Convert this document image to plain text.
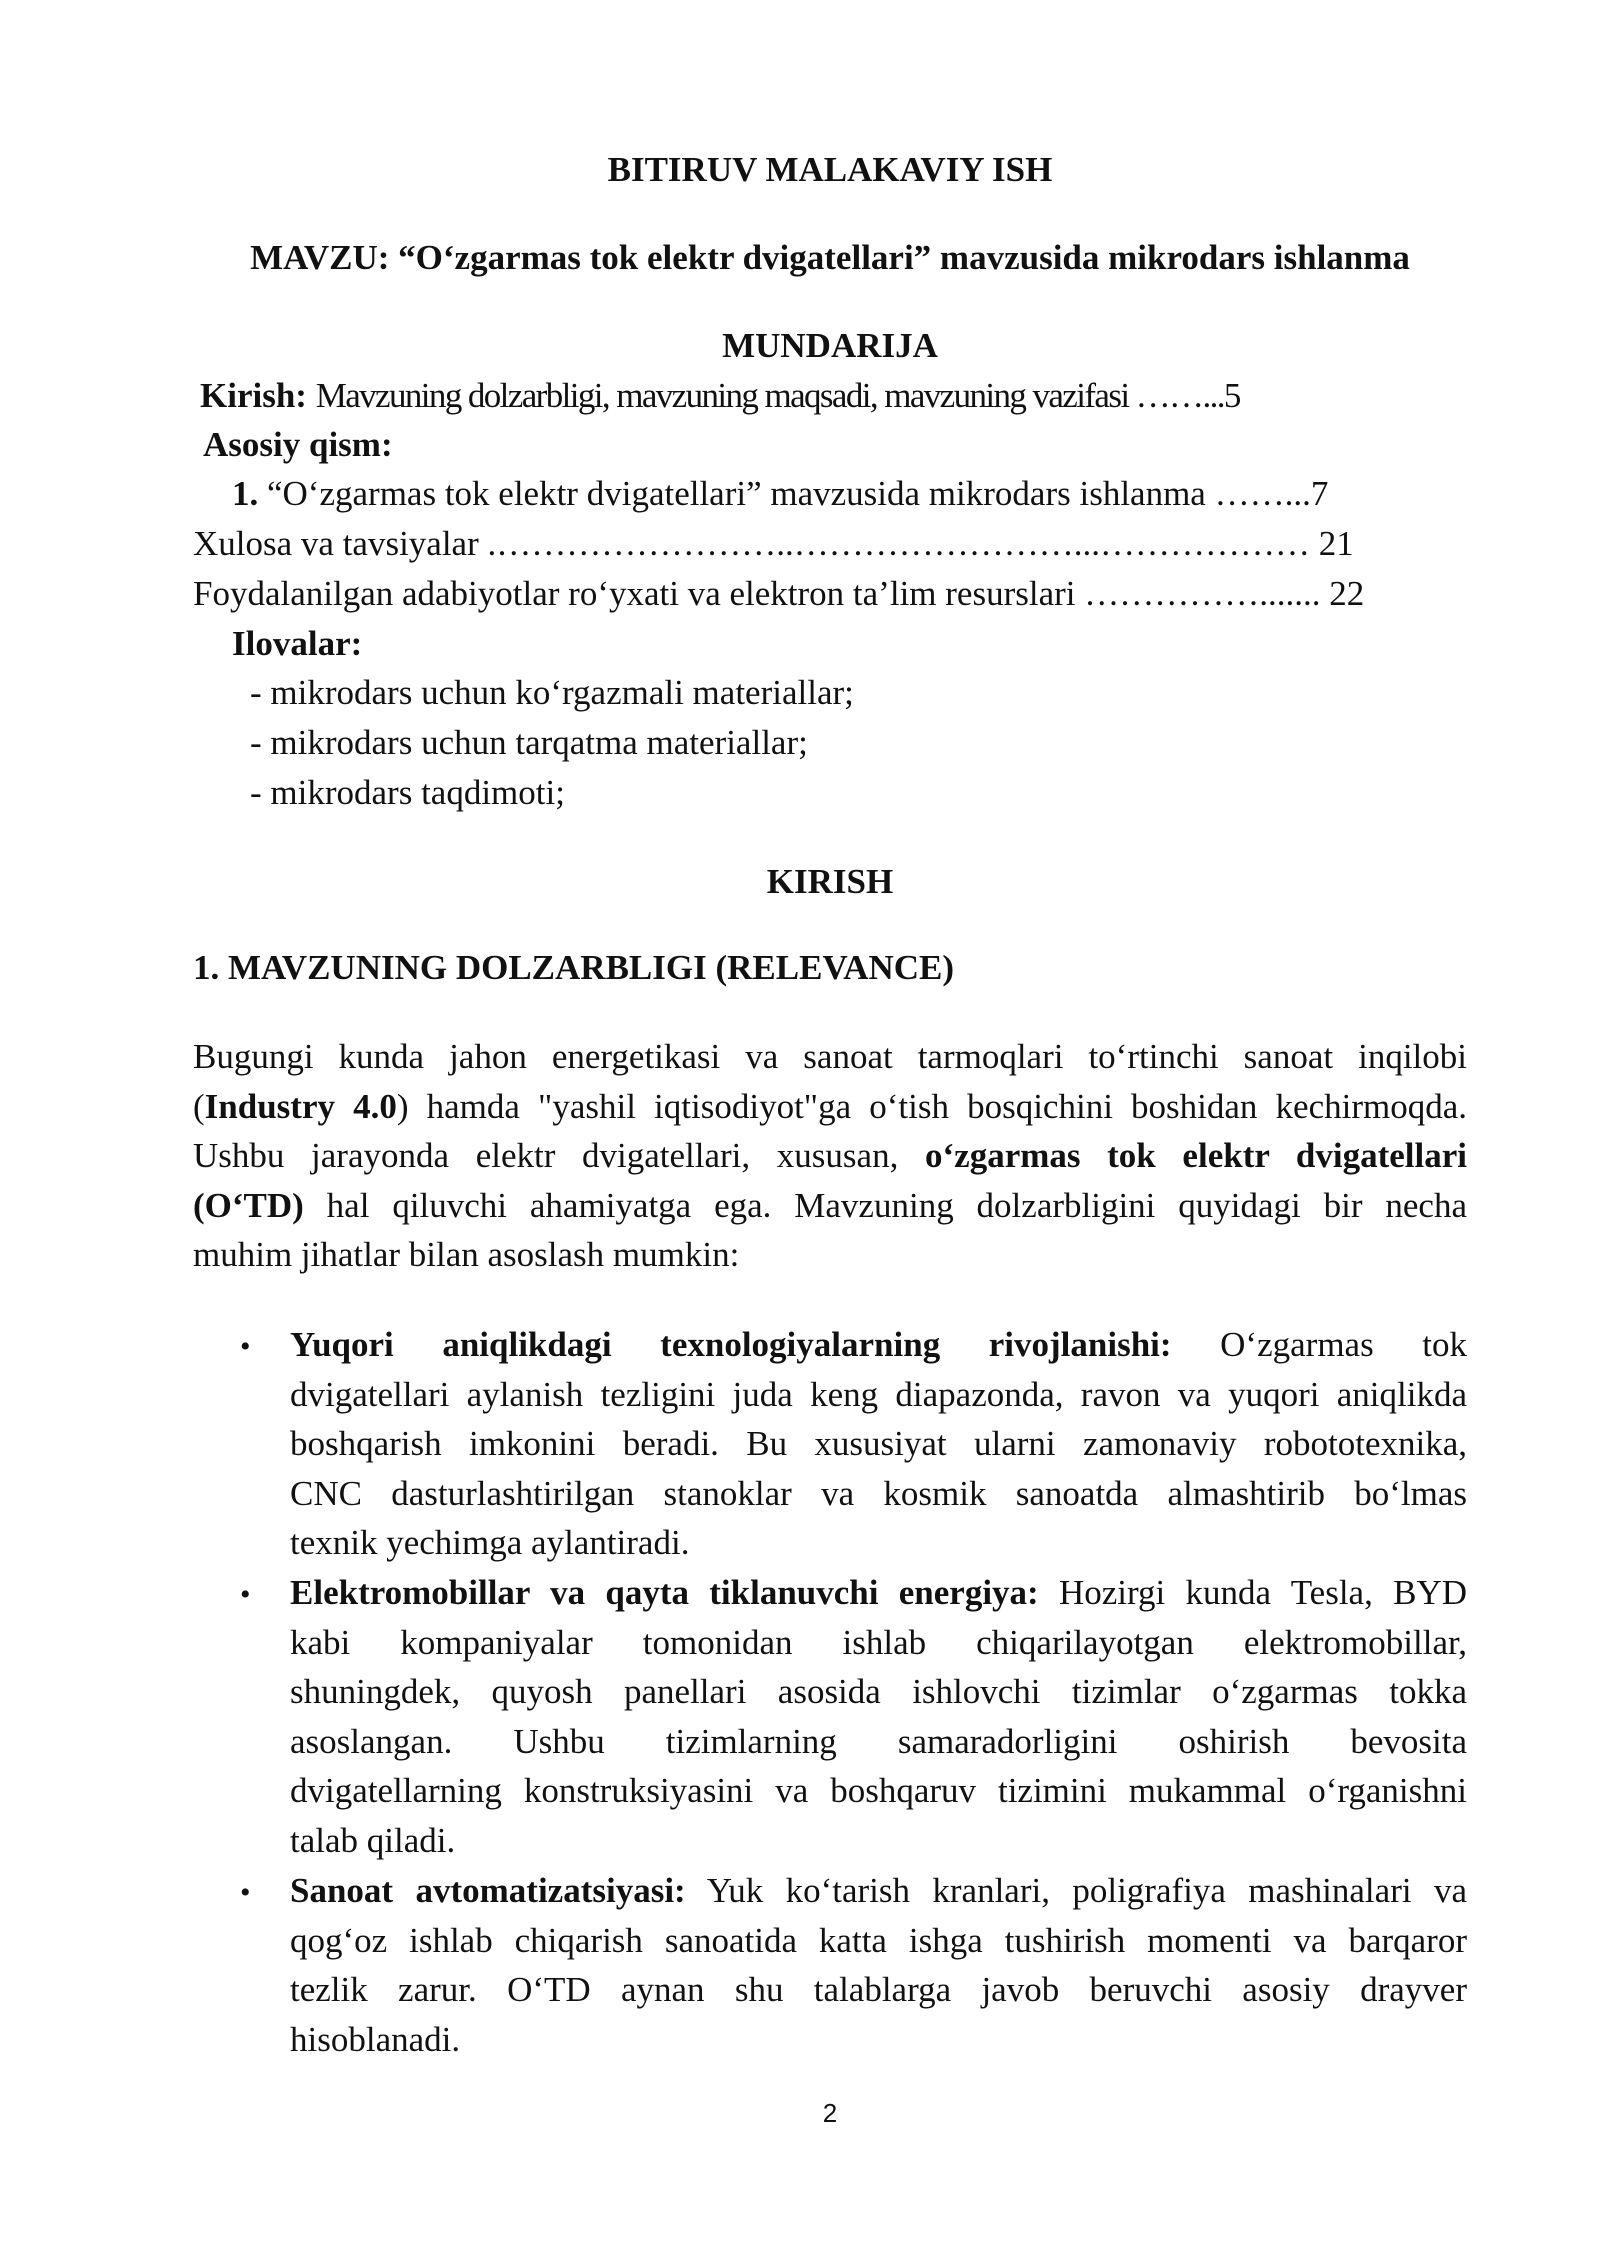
BITIRUV MALAKAVIY ISH
MAVZU: “O‘zgarmas tok elektr dvigatellari” mavzusida mikrodars ishlanma
MUNDARIJA
Kirish: Mavzuning dolzarbligi, mavzuning maqsadi, mavzuning vazifasi ……...5
Asosiy qism:
1. “O‘zgarmas tok elektr dvigatellari” mavzusida mikrodars ishlanma ……...7
Xulosa va tavsiyalar .……………………..……………………...……………… 21
Foydalanilgan adabiyotlar ro‘yxati va elektron ta’lim resurslari ……………....... 22
Ilovalar:
- mikrodars uchun ko‘rgazmali materiallar;
- mikrodars uchun tarqatma materiallar;
- mikrodars taqdimoti;
KIRISH
1. MAVZUNING DOLZARBLIGI (RELEVANCE)
Bugungi kunda jahon energetikasi va sanoat tarmoqlari to‘rtinchi sanoat inqilobi
(Industry 4.0) hamda "yashil iqtisodiyot"ga o‘tish bosqichini boshidan kechirmoqda.
Ushbu jarayonda elektr dvigatellari, xususan, o‘zgarmas tok elektr dvigatellari
(O‘TD) hal qiluvchi ahamiyatga ega. Mavzuning dolzarbligini quyidagi bir necha
muhim jihatlar bilan asoslash mumkin:
• Yuqori aniqlikdagi texnologiyalarning rivojlanishi: O‘zgarmas tok
dvigatellari aylanish tezligini juda keng diapazonda, ravon va yuqori aniqlikda
boshqarish imkonini beradi. Bu xususiyat ularni zamonaviy robototexnika,
CNC dasturlashtirilgan stanoklar va kosmik sanoatda almashtirib bo‘lmas
texnik yechimga aylantiradi.
• Elektromobillar va qayta tiklanuvchi energiya: Hozirgi kunda Tesla, BYD
kabi kompaniyalar tomonidan ishlab chiqarilayotgan elektromobillar,
shuningdek, quyosh panellari asosida ishlovchi tizimlar o‘zgarmas tokka
asoslangan. Ushbu tizimlarning samaradorligini oshirish bevosita
dvigatellarning konstruksiyasini va boshqaruv tizimini mukammal o‘rganishni
talab qiladi.
• Sanoat avtomatizatsiyasi: Yuk ko‘tarish kranlari, poligrafiya mashinalari va
qog‘oz ishlab chiqarish sanoatida katta ishga tushirish momenti va barqaror
tezlik zarur. O‘TD aynan shu talablarga javob beruvchi asosiy drayver
hisoblanadi.
2
